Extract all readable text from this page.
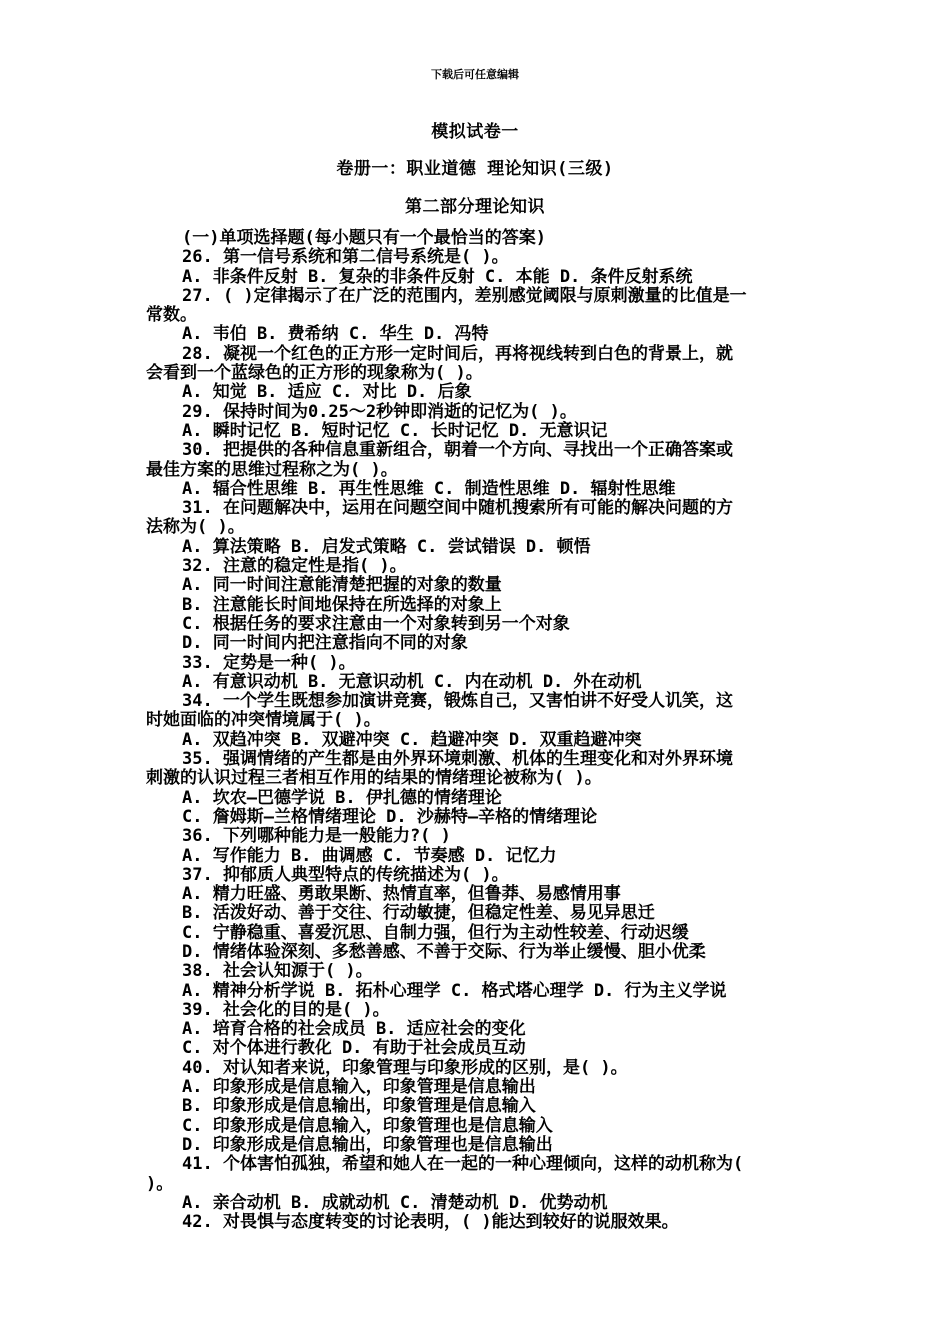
下载后可任意编辑
模拟试卷一
卷册一：职业道德 理论知识(三级)
第二部分理论知识
(一)单项选择题(每小题只有一个最恰当的答案)
26. 第一信号系统和第二信号系统是( )。
A. 非条件反射 B. 复杂的非条件反射 C. 本能 D. 条件反射系统
27. ( )定律揭示了在广泛的范围内，差别感觉阈限与原刺激量的比值是一
常数。
A. 韦伯 B. 费希纳 C. 华生 D. 冯特
28. 凝视一个红色的正方形一定时间后，再将视线转到白色的背景上，就
会看到一个蓝绿色的正方形的现象称为( )。
A. 知觉 B. 适应 C. 对比 D. 后象
29. 保持时间为0.25～2秒钟即消逝的记忆为( )。
A. 瞬时记忆 B. 短时记忆 C. 长时记忆 D. 无意识记
30. 把提供的各种信息重新组合，朝着一个方向、寻找出一个正确答案或
最佳方案的思维过程称之为( )。
A. 辐合性思维 B. 再生性思维 C. 制造性思维 D. 辐射性思维
31. 在问题解决中，运用在问题空间中随机搜索所有可能的解决问题的方
法称为( )。
A. 算法策略 B. 启发式策略 C. 尝试错误 D. 顿悟
32. 注意的稳定性是指( )。
A. 同一时间注意能清楚把握的对象的数量
B. 注意能长时间地保持在所选择的对象上
C. 根据任务的要求注意由一个对象转到另一个对象
D. 同一时间内把注意指向不同的对象
33. 定势是一种( )。
A. 有意识动机 B. 无意识动机 C. 内在动机 D. 外在动机
34. 一个学生既想参加演讲竞赛，锻炼自己，又害怕讲不好受人讥笑，这
时她面临的冲突情境属于( )。
A. 双趋冲突 B. 双避冲突 C. 趋避冲突 D. 双重趋避冲突
35. 强调情绪的产生都是由外界环境刺激、机体的生理变化和对外界环境
刺激的认识过程三者相互作用的结果的情绪理论被称为( )。
A. 坎农—巴德学说 B. 伊扎德的情绪理论
C. 詹姆斯—兰格情绪理论 D. 沙赫特—辛格的情绪理论
36. 下列哪种能力是一般能力?( )
A. 写作能力 B. 曲调感 C. 节奏感 D. 记忆力
37. 抑郁质人典型特点的传统描述为( )。
A. 精力旺盛、勇敢果断、热情直率，但鲁莽、易感情用事
B. 活泼好动、善于交往、行动敏捷，但稳定性差、易见异思迁
C. 宁静稳重、喜爱沉思、自制力强，但行为主动性较差、行动迟缓
D. 情绪体验深刻、多愁善感、不善于交际、行为举止缓慢、胆小优柔
38. 社会认知源于( )。
A. 精神分析学说 B. 拓朴心理学 C. 格式塔心理学 D. 行为主义学说
39. 社会化的目的是( )。
A. 培育合格的社会成员 B. 适应社会的变化
C. 对个体进行教化 D. 有助于社会成员互动
40. 对认知者来说，印象管理与印象形成的区别，是( )。
A. 印象形成是信息输入，印象管理是信息输出
B. 印象形成是信息输出，印象管理是信息输入
C. 印象形成是信息输入，印象管理也是信息输入
D. 印象形成是信息输出，印象管理也是信息输出
41. 个体害怕孤独，希望和她人在一起的一种心理倾向，这样的动机称为(
)。
A. 亲合动机 B. 成就动机 C. 清楚动机 D. 优势动机
42. 对畏惧与态度转变的讨论表明，( )能达到较好的说服效果。
